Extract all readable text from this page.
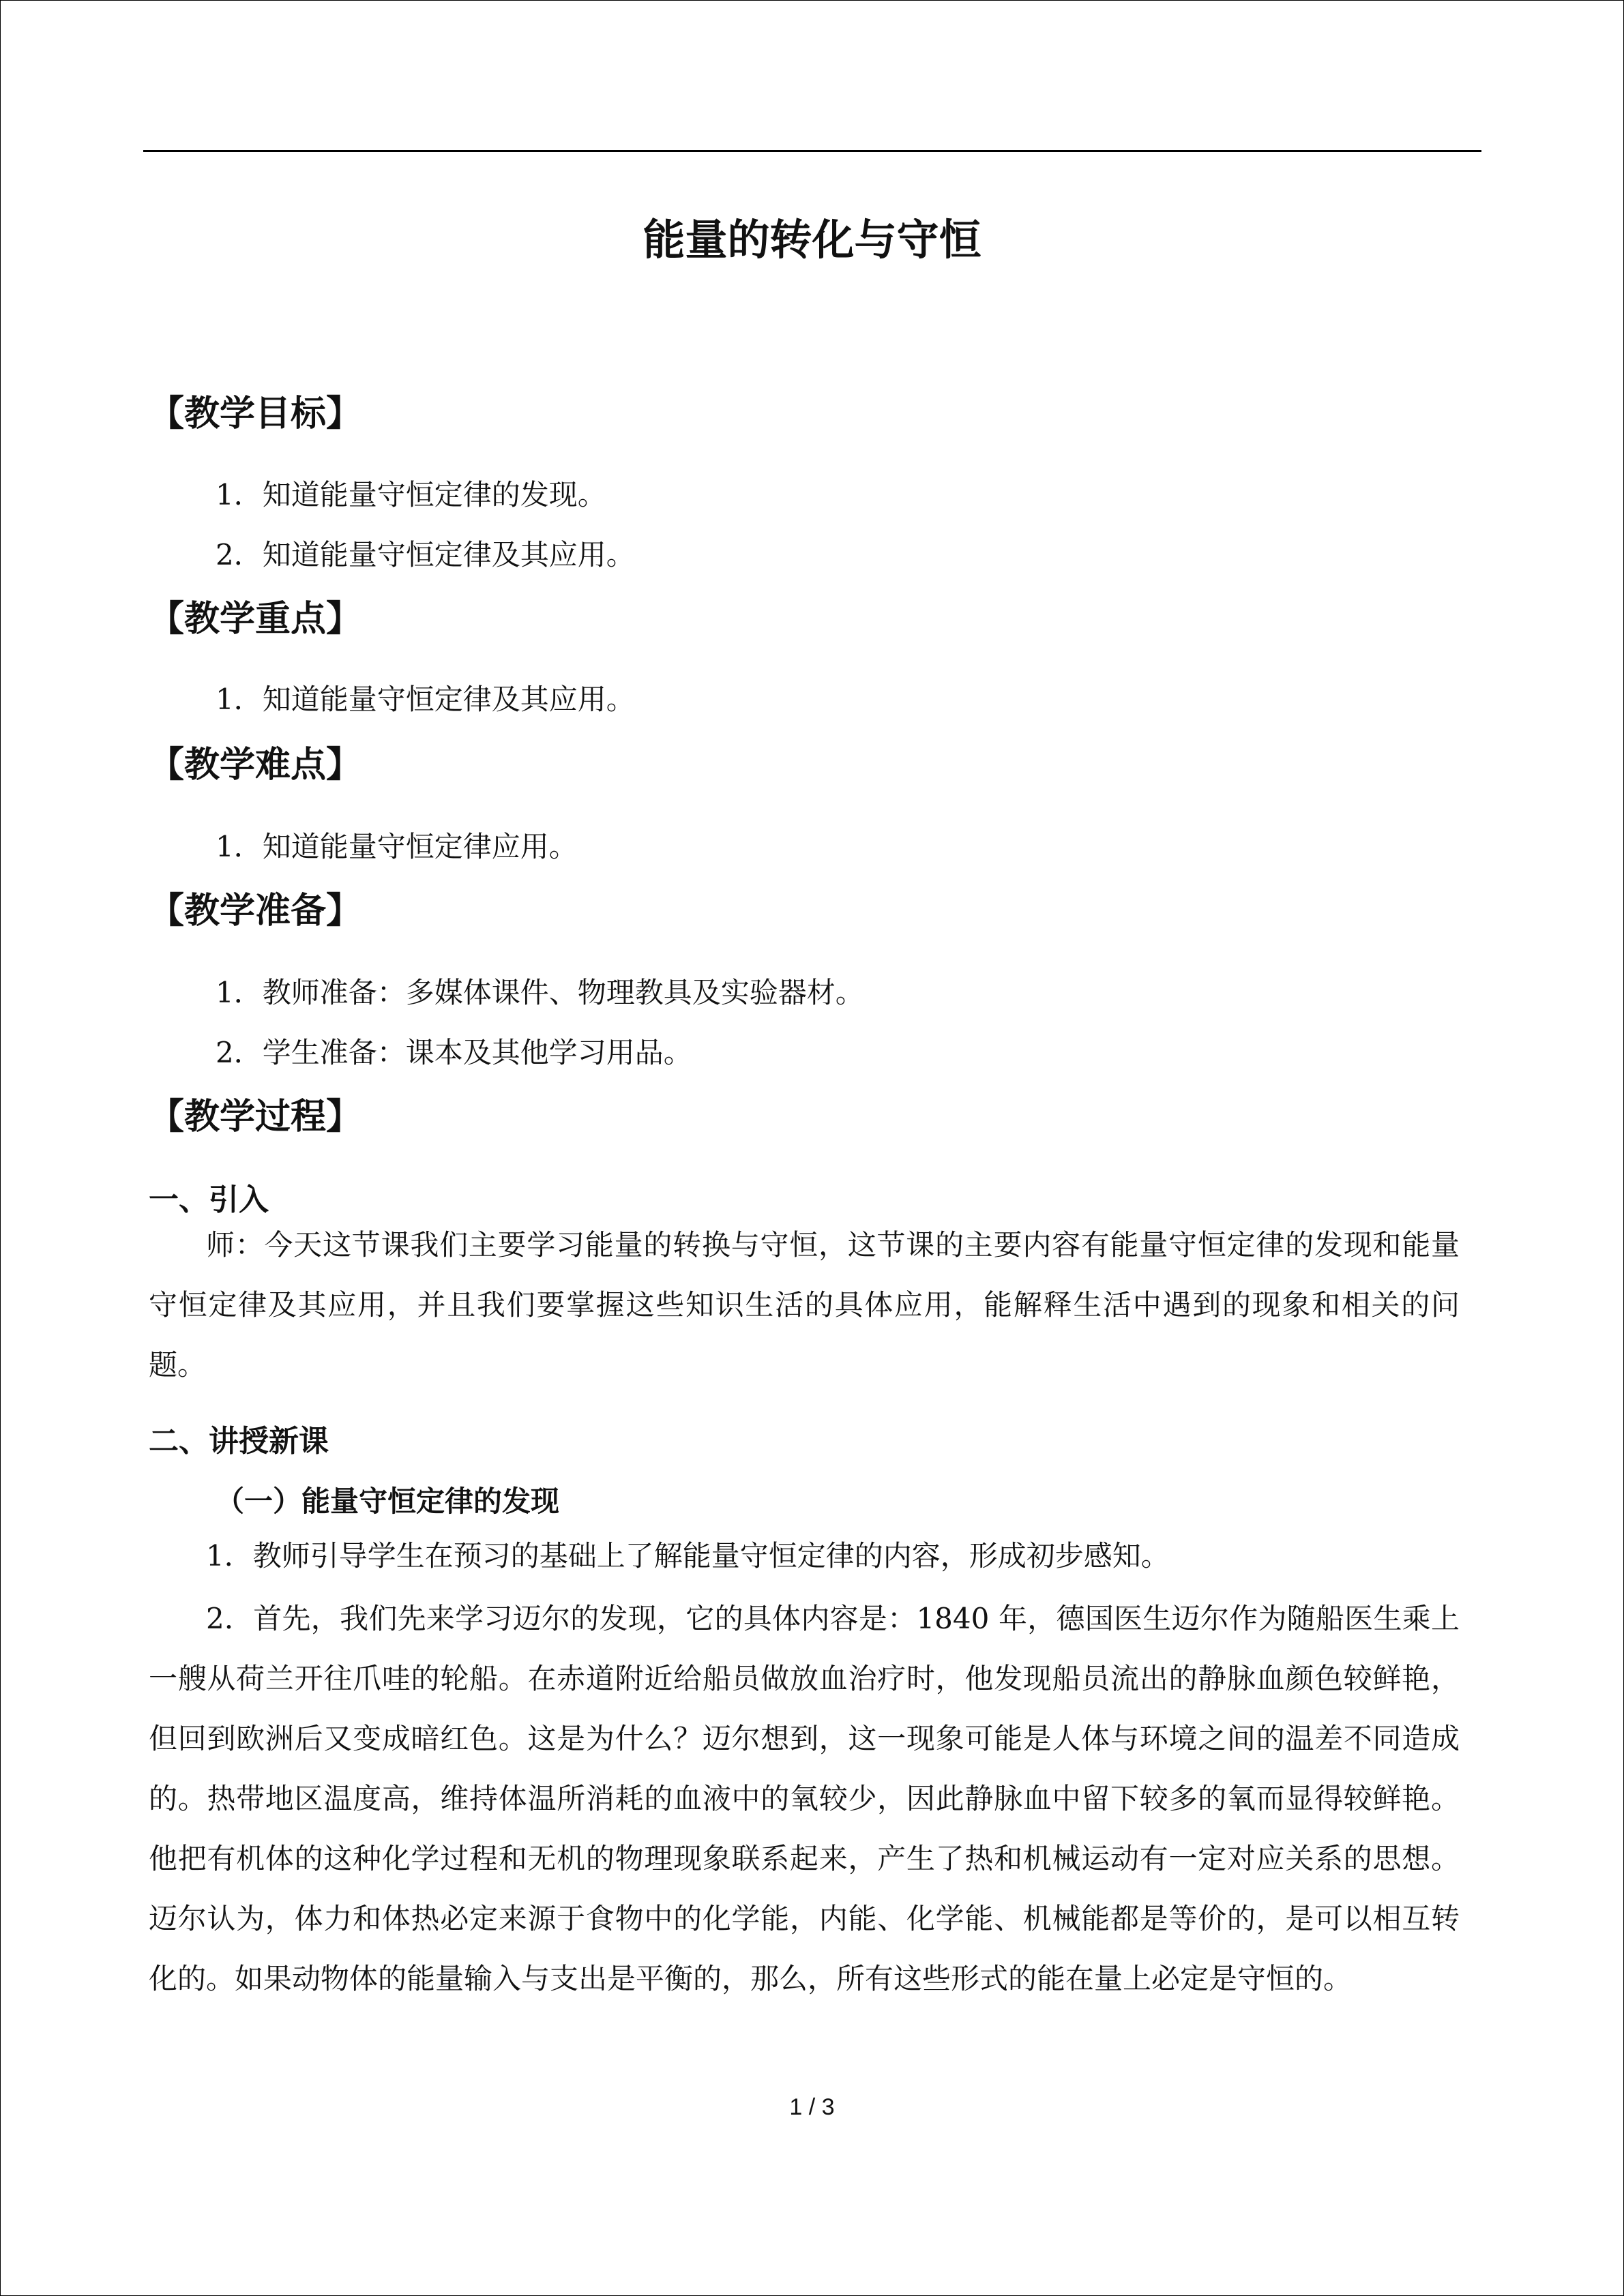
能量的转化与守恒
【教学目标】
1．知道能量守恒定律的发现。
2．知道能量守恒定律及其应用。
【教学重点】
1．知道能量守恒定律及其应用。
【教学难点】
1．知道能量守恒定律应用。
【教学准备】
1．教师准备：多媒体课件、物理教具及实验器材。
2．学生准备：课本及其他学习用品。
【教学过程】
一、引入

师：今天这节课我们主要学习能量的转换与守恒，这节课的主要内容有能量守恒定律的发现和能量守恒定律及其应用，并且我们要掌握这些知识生活的具体应用，能解释生活中遇到的现象和相关的问题。

二、讲授新课
（一）能量守恒定律的发现

1．教师引导学生在预习的基础上了解能量守恒定律的内容，形成初步感知。

2．首先，我们先来学习迈尔的发现，它的具体内容是：1840 年，德国医生迈尔作为随船医生乘上一艘从荷兰开往爪哇的轮船。在赤道附近给船员做放血治疗时，他发现船员流出的静脉血颜色较鲜艳，但回到欧洲后又变成暗红色。这是为什么？迈尔想到，这一现象可能是人体与环境之间的温差不同造成的。热带地区温度高，维持体温所消耗的血液中的氧较少，因此静脉血中留下较多的氧而显得较鲜艳。他把有机体的这种化学过程和无机的物理现象联系起来，产生了热和机械运动有一定对应关系的思想。迈尔认为，体力和体热必定来源于食物中的化学能，内能、化学能、机械能都是等价的，是可以相互转化的。如果动物体的能量输入与支出是平衡的，那么，所有这些形式的能在量上必定是守恒的。

1 / 3
